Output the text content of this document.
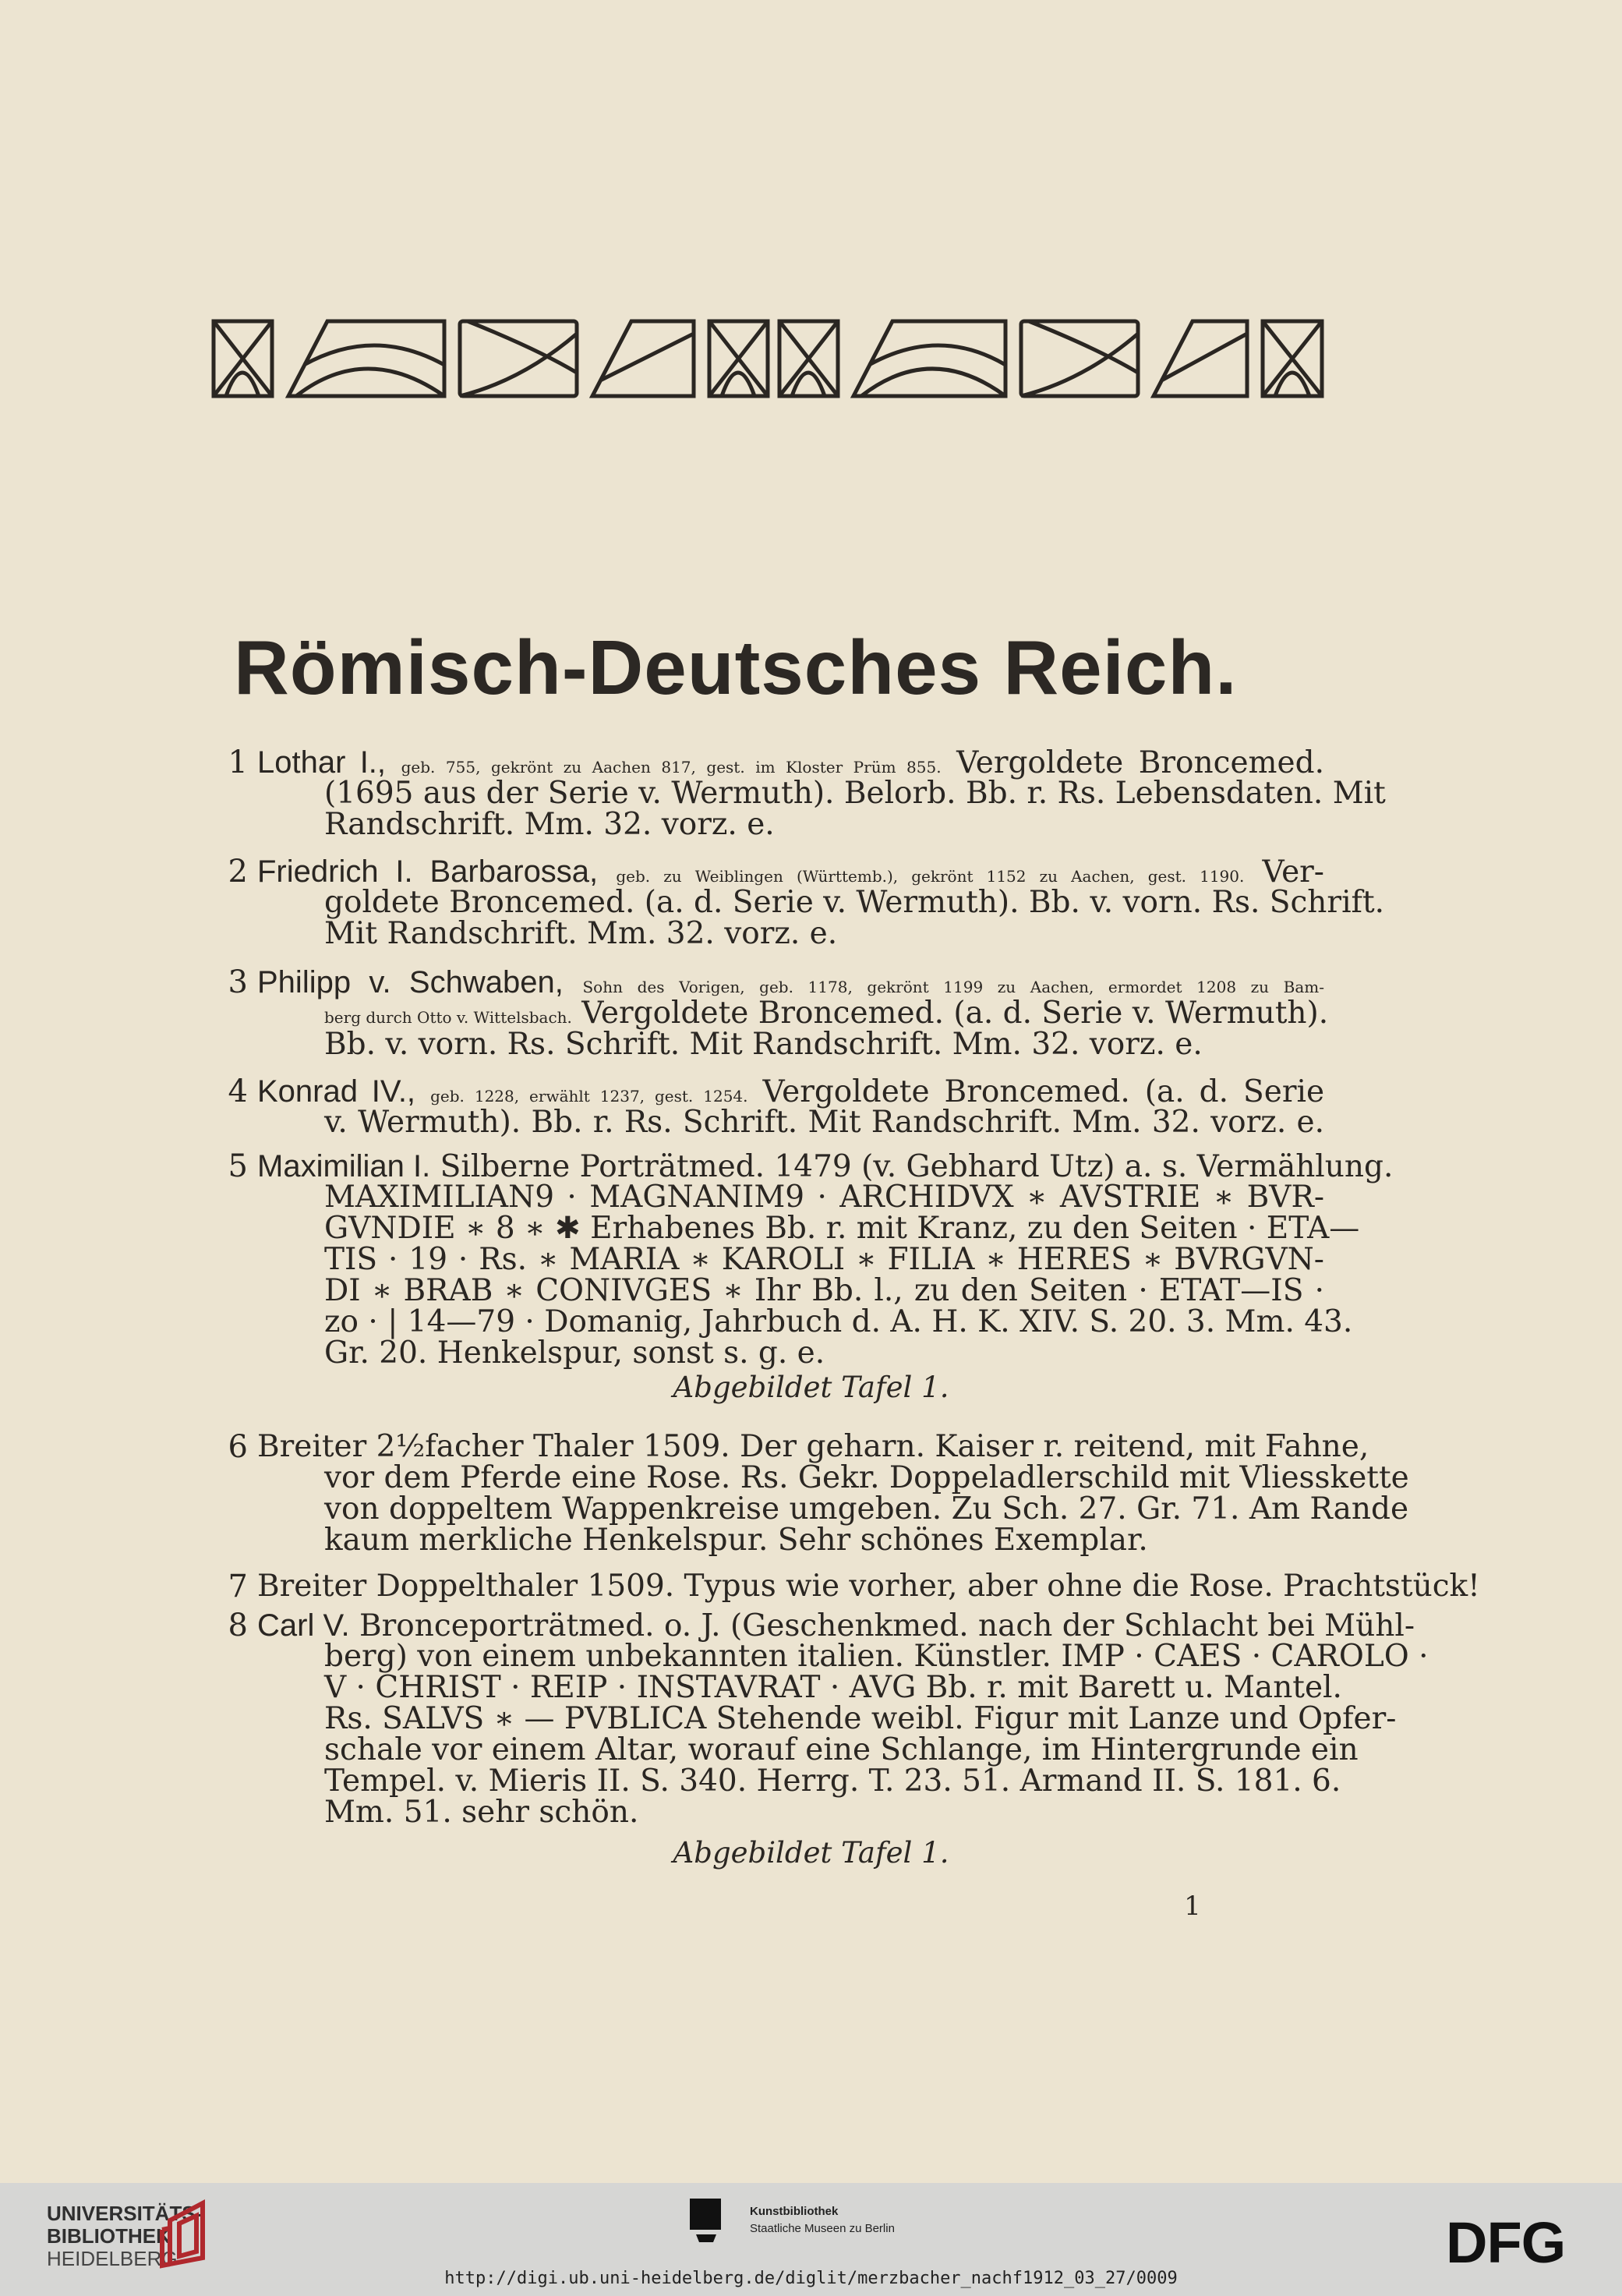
Römisch-Deutsches Reich.
1 Lothar I., geb. 755, gekrönt zu Aachen 817, gest. im Kloster Prüm 855. Vergoldete Broncemed.
(1695 aus der Serie v. Wermuth). Belorb. Bb. r. Rs. Lebensdaten. Mit
Randschrift. Mm. 32. vorz. e.
2 Friedrich I. Barbarossa, geb. zu Weiblingen (Württemb.), gekrönt 1152 zu Aachen, gest. 1190. Ver-
goldete Broncemed. (a. d. Serie v. Wermuth). Bb. v. vorn. Rs. Schrift.
Mit Randschrift. Mm. 32. vorz. e.
3 Philipp v. Schwaben, Sohn des Vorigen, geb. 1178, gekrönt 1199 zu Aachen, ermordet 1208 zu Bam-
berg durch Otto v. Wittelsbach. Vergoldete Broncemed. (a. d. Serie v. Wermuth).
Bb. v. vorn. Rs. Schrift. Mit Randschrift. Mm. 32. vorz. e.
4 Konrad IV., geb. 1228, erwählt 1237, gest. 1254. Vergoldete Broncemed. (a. d. Serie
v. Wermuth). Bb. r. Rs. Schrift. Mit Randschrift. Mm. 32. vorz. e.
5 Maximilian I. Silberne Porträtmed. 1479 (v. Gebhard Utz) a. s. Vermählung.
MAXIMILIAN9 · MAGNANIM9 · ARCHIDVX ∗ AVSTRIE ∗ BVR-
GVNDIE ∗ 8 ∗ ✱ Erhabenes Bb. r. mit Kranz, zu den Seiten · ETA—
TIS · 19 · Rs. ∗ MARIA ∗ KAROLI ∗ FILIA ∗ HERES ∗ BVRGVN-
DI ∗ BRAB ∗ CONIVGES ∗ Ihr Bb. l., zu den Seiten · ETAT—IS ·
zo · | 14—79 · Domanig, Jahrbuch d. A. H. K. XIV. S. 20. 3. Mm. 43.
Gr. 20. Henkelspur, sonst s. g. e.
Abgebildet Tafel 1.
6 Breiter 2½facher Thaler 1509. Der geharn. Kaiser r. reitend, mit Fahne,
vor dem Pferde eine Rose. Rs. Gekr. Doppeladlerschild mit Vliesskette
von doppeltem Wappenkreise umgeben. Zu Sch. 27. Gr. 71. Am Rande
kaum merkliche Henkelspur. Sehr schönes Exemplar.
7 Breiter Doppelthaler 1509. Typus wie vorher, aber ohne die Rose. Prachtstück!
8 Carl V. Bronceporträtmed. o. J. (Geschenkmed. nach der Schlacht bei Mühl-
berg) von einem unbekannten italien. Künstler. IMP · CAES · CAROLO ·
V · CHRIST · REIP · INSTAVRAT · AVG Bb. r. mit Barett u. Mantel.
Rs. SALVS ∗ — PVBLICA Stehende weibl. Figur mit Lanze und Opfer-
schale vor einem Altar, worauf eine Schlange, im Hintergrunde ein
Tempel. v. Mieris II. S. 340. Herrg. T. 23. 51. Armand II. S. 181. 6.
Mm. 51. sehr schön.
Abgebildet Tafel 1.
1
UNIVERSITÄTS-
BIBLIOTHEK
HEIDELBERG
Kunstbibliothek
Staatliche Museen zu Berlin	DFG
http://digi.ub.uni-heidelberg.de/diglit/merzbacher_nachf1912_03_27/0009
